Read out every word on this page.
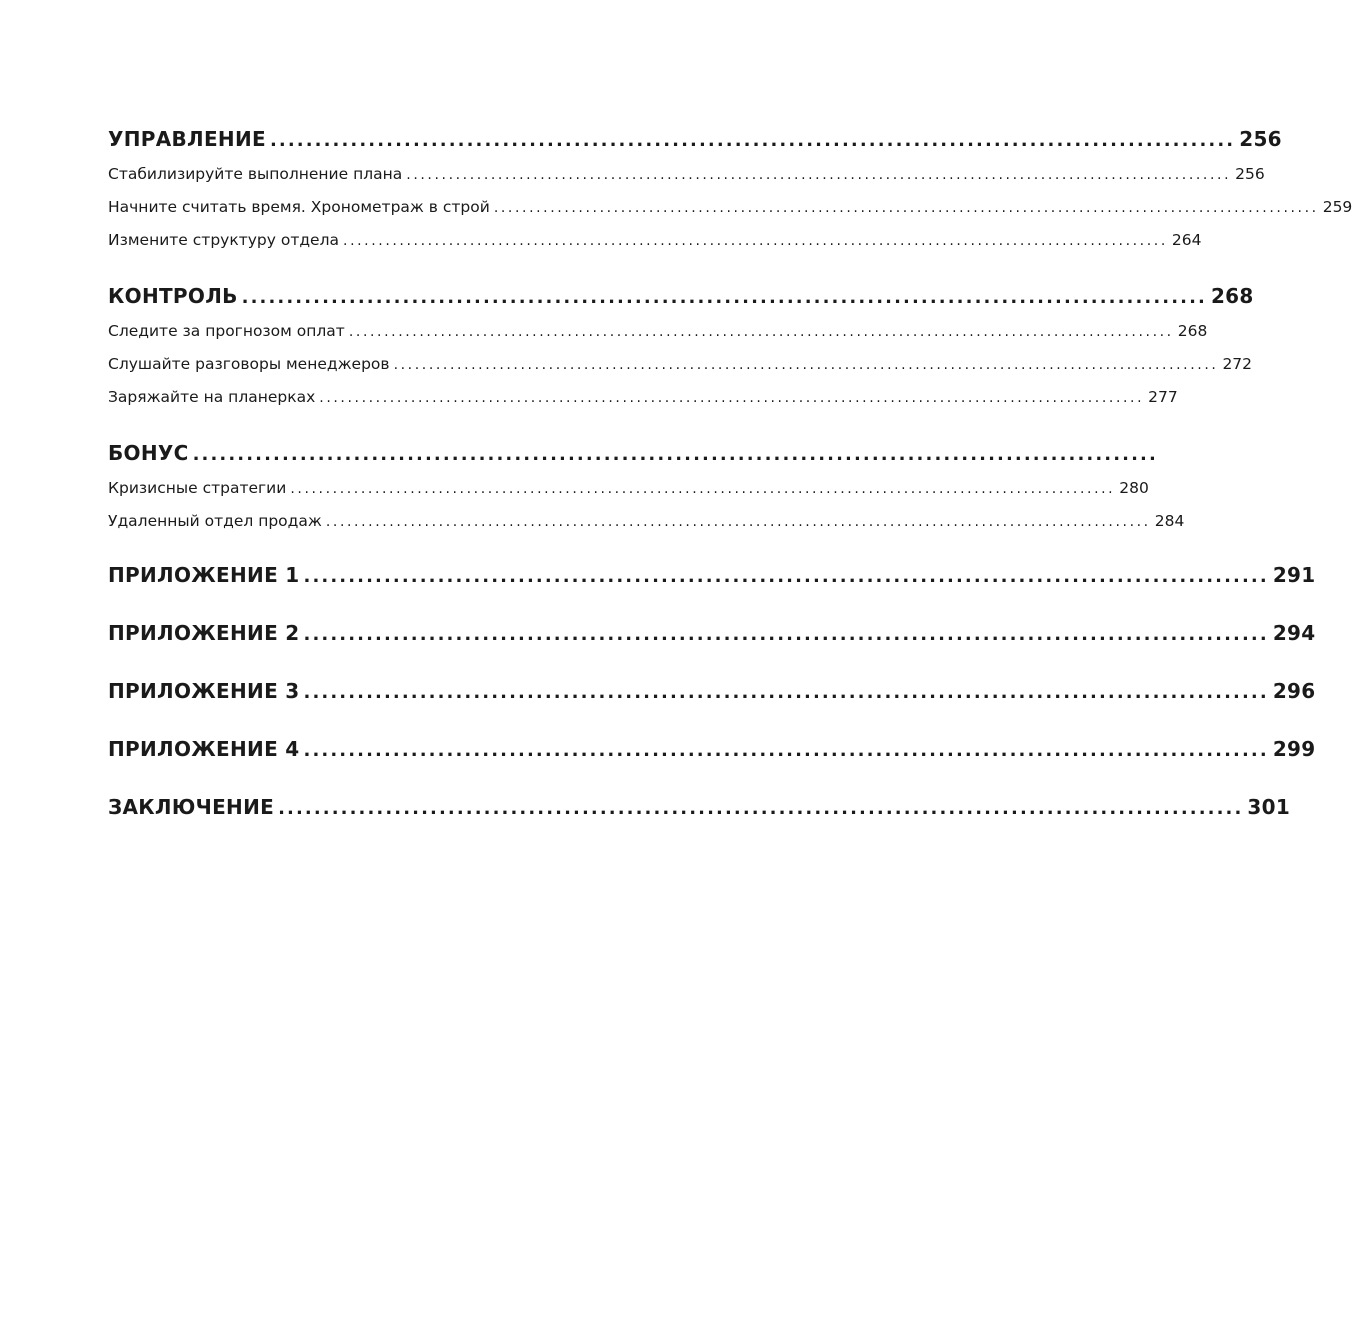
УПРАВЛЕНИЕ ............................................................................................................ 256
Стабилизируйте выполнение плана ..................................................................................................................... 256
Начните считать время. Хронометраж в строй ..................................................................................................................... 259
Измените структуру отдела ..................................................................................................................... 264
КОНТРОЛЬ ............................................................................................................ 268
Следите за прогнозом оплат ..................................................................................................................... 268
Слушайте разговоры менеджеров ..................................................................................................................... 272
Заряжайте на планерках ..................................................................................................................... 277
БОНУС ............................................................................................................
Кризисные стратегии ..................................................................................................................... 280
Удаленный отдел продаж ..................................................................................................................... 284
ПРИЛОЖЕНИЕ 1 ............................................................................................................ 291
ПРИЛОЖЕНИЕ 2 ............................................................................................................ 294
ПРИЛОЖЕНИЕ 3 ............................................................................................................ 296
ПРИЛОЖЕНИЕ 4 ............................................................................................................ 299
ЗАКЛЮЧЕНИЕ ............................................................................................................ 301
